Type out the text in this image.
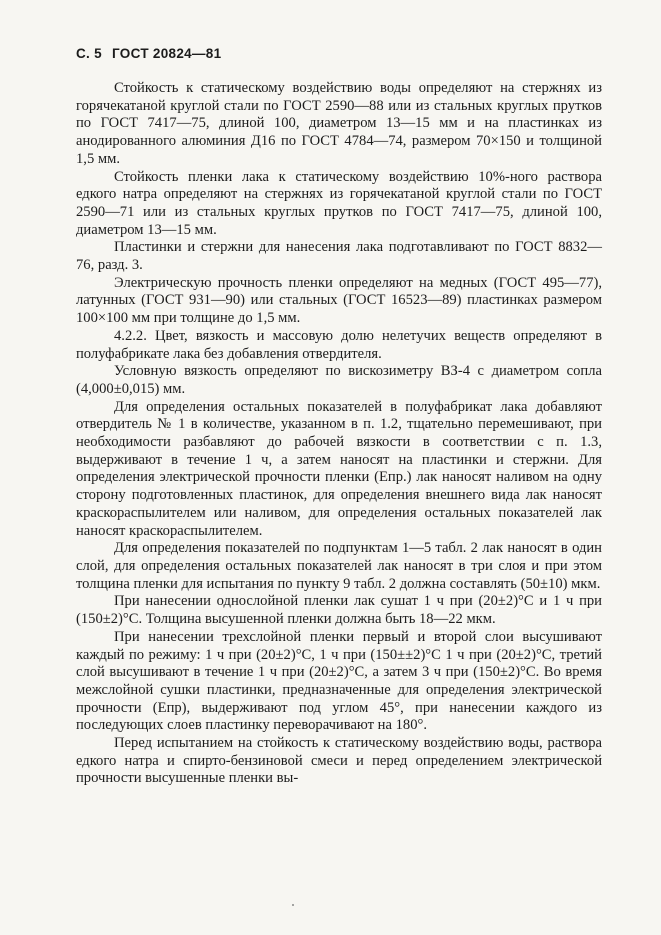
С. 5 ГОСТ 20824—81

Стойкость к статическому воздействию воды определяют на стержнях из горячекатаной круглой стали по ГОСТ 2590—88 или из стальных круглых прутков по ГОСТ 7417—75, длиной 100, диаметром 13—15 мм и на пластинках из анодированного алюминия Д16 по ГОСТ 4784—74, размером 70×150 и толщиной 1,5 мм.

Стойкость пленки лака к статическому воздействию 10%-ного раствора едкого натра определяют на стержнях из горячекатаной круглой стали по ГОСТ 2590—71 или из стальных круглых прутков по ГОСТ 7417—75, длиной 100, диаметром 13—15 мм.

Пластинки и стержни для нанесения лака подготавливают по ГОСТ 8832—76, разд. 3.

Электрическую прочность пленки определяют на медных (ГОСТ 495—77), латунных (ГОСТ 931—90) или стальных (ГОСТ 16523—89) пластинках размером 100×100 мм при толщине до 1,5 мм.

4.2.2. Цвет, вязкость и массовую долю нелетучих веществ определяют в полуфабрикате лака без добавления отвердителя.

Условную вязкость определяют по вискозиметру ВЗ-4 с диаметром сопла (4,000±0,015) мм.

Для определения остальных показателей в полуфабрикат лака добавляют отвердитель № 1 в количестве, указанном в п. 1.2, тщательно перемешивают, при необходимости разбавляют до рабочей вязкости в соответствии с п. 1.3, выдерживают в течение 1 ч, а затем наносят на пластинки и стержни. Для определения электрической прочности пленки (Eпр.) лак наносят наливом на одну сторону подготовленных пластинок, для определения внешнего вида лак наносят краскораспылителем или наливом, для определения остальных показателей лак наносят краскораспылителем.

Для определения показателей по подпунктам 1—5 табл. 2 лак наносят в один слой, для определения остальных показателей лак наносят в три слоя и при этом толщина пленки для испытания по пункту 9 табл. 2 должна составлять (50±10) мкм.

При нанесении однослойной пленки лак сушат 1 ч при (20±2)°С и 1 ч при (150±2)°С. Толщина высушенной пленки должна быть 18—22 мкм.

При нанесении трехслойной пленки первый и второй слои высушивают каждый по режиму: 1 ч при (20±2)°С, 1 ч при (150±±2)°С 1 ч при (20±2)°С, третий слой высушивают в течение 1 ч при (20±2)°С, а затем 3 ч при (150±2)°С. Во время межслойной сушки пластинки, предназначенные для определения электрической прочности (Eпр), выдерживают под углом 45°, при нанесении каждого из последующих слоев пластинку переворачивают на 180°.

Перед испытанием на стойкость к статическому воздействию воды, раствора едкого натра и спирто-бензиновой смеси и перед определением электрической прочности высушенные пленки вы-
